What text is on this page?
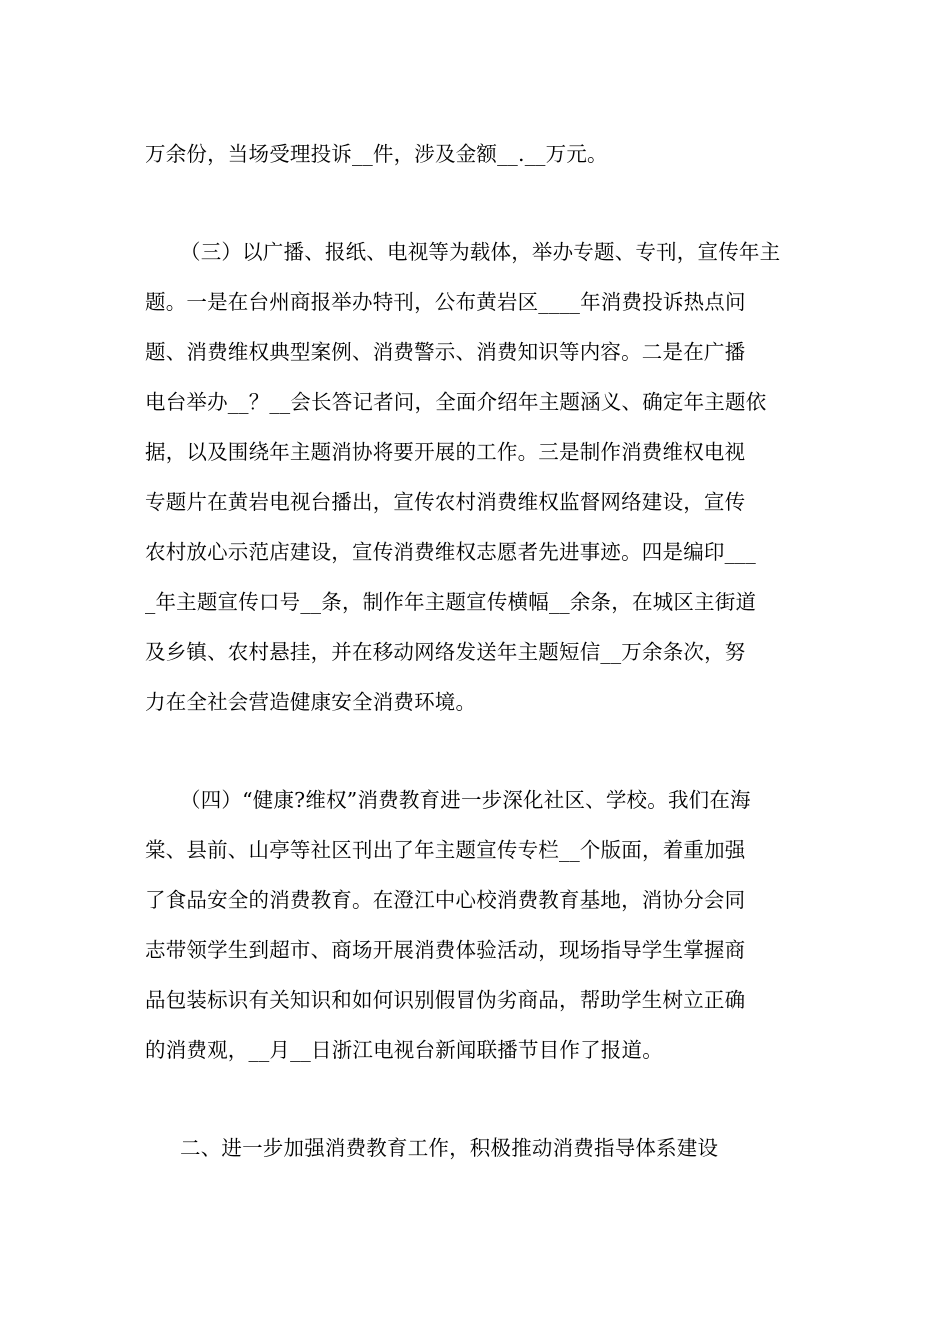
万余份，当场受理投诉__件，涉及金额__.__万元。
（三）以广播、报纸、电视等为载体，举办专题、专刊，宣传年主
题。一是在台州商报举办特刊，公布黄岩区____年消费投诉热点问
题、消费维权典型案例、消费警示、消费知识等内容。二是在广播
电台举办__？__会长答记者问，全面介绍年主题涵义、确定年主题依
据，以及围绕年主题消协将要开展的工作。三是制作消费维权电视
专题片在黄岩电视台播出，宣传农村消费维权监督网络建设，宣传
农村放心示范店建设，宣传消费维权志愿者先进事迹。四是编印___
_年主题宣传口号__条，制作年主题宣传横幅__余条，在城区主街道
及乡镇、农村悬挂，并在移动网络发送年主题短信__万余条次，努
力在全社会营造健康安全消费环境。
（四）“健康?维权”消费教育进一步深化社区、学校。我们在海
棠、县前、山亭等社区刊出了年主题宣传专栏__个版面，着重加强
了食品安全的消费教育。在澄江中心校消费教育基地，消协分会同
志带领学生到超市、商场开展消费体验活动，现场指导学生掌握商
品包装标识有关知识和如何识别假冒伪劣商品，帮助学生树立正确
的消费观，__月__日浙江电视台新闻联播节目作了报道。
二、进一步加强消费教育工作，积极推动消费指导体系建设
